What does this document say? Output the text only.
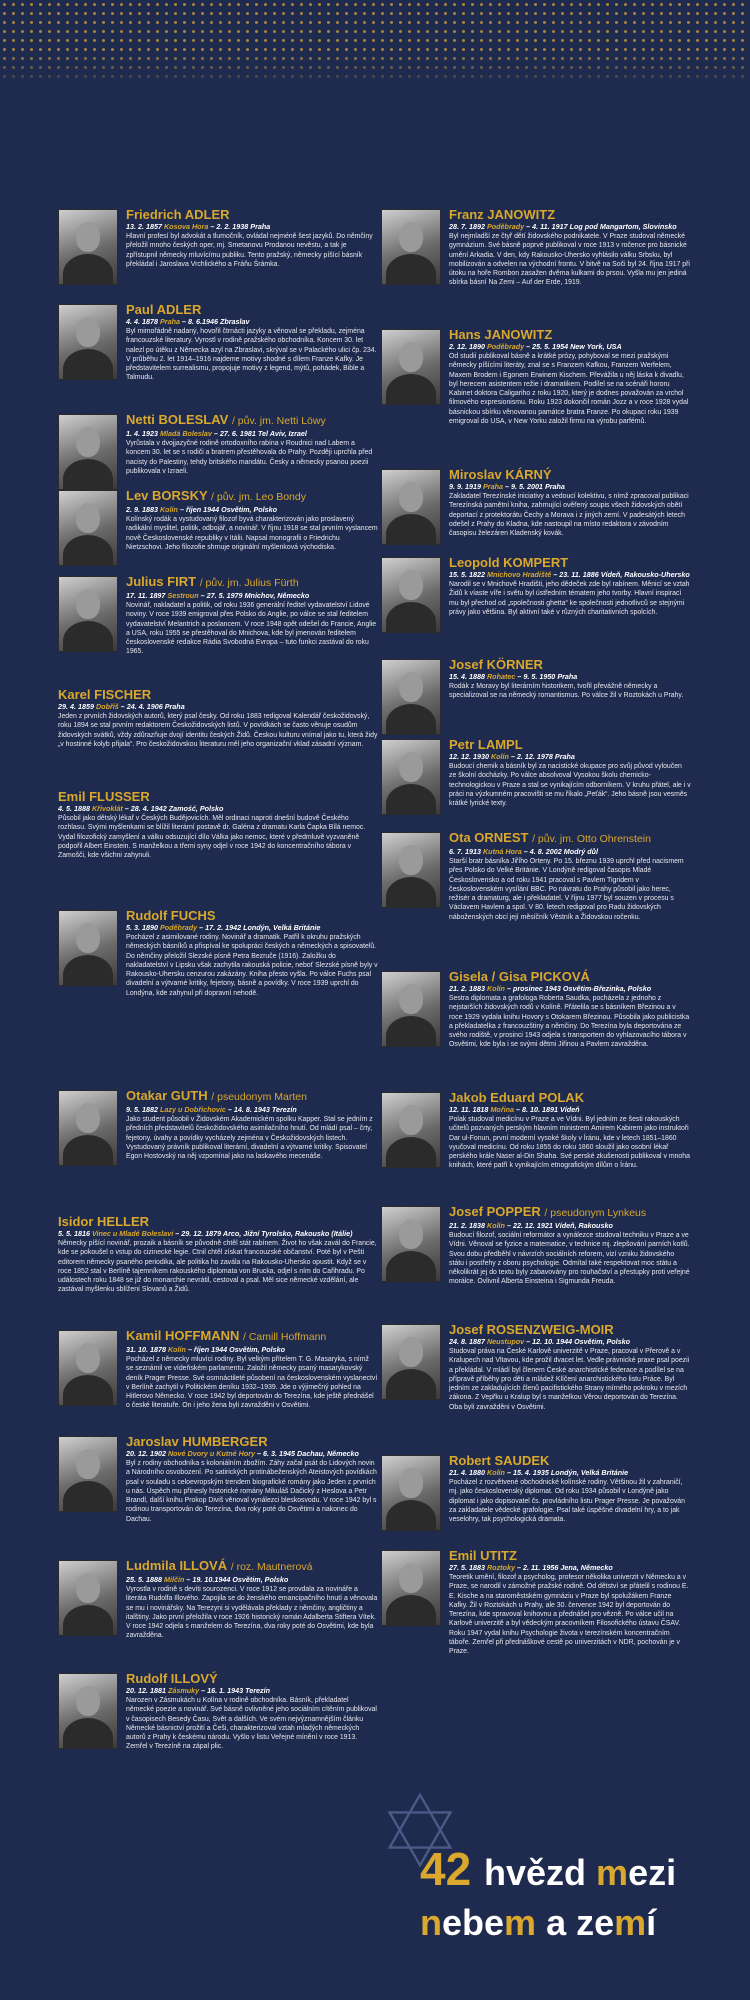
Friedrich ADLER
13. 2. 1857 Kosova Hora – 2. 2. 1938 Praha
Hlavní profesí byl advokát a tlumočník, ovládal nejméně šest jazyků. Do němčiny přeložil mnoho českých oper, mj. Smetanovu Prodanou nevěstu, a tak je zpřístupnil německy mluvícímu publiku. Tento pražský, německy píšící básník překládal i Jaroslava Vrchlického a Fráňu Šrámka.
Paul ADLER
4. 4. 1878 Praha – 8. 6.1946 Zbraslav
Byl mimořádně nadaný, hovořil čtrnácti jazyky a věnoval se překladu, zejména francouzské literatury. Vyrostl v rodině pražského obchodníka. Koncem 30. let nalezl po útěku z Německa azyl na Zbraslavi, skrýval se v Palackého ulici čp. 234. V průběhu 2. let 1914–1916 najdeme motivy shodné s dílem Franze Kafky. Je představitelem surrealismu, propojuje motivy z legend, mýtů, pohádek, Bible a Talmudu.
Netti BOLESLAV / pův. jm. Netti Löwy
1. 4. 1923 Mladá Boleslav – 27. 6. 1981 Tel Aviv, Izrael
Vyrůstala v dvojjazyčné rodině ortodoxního rabína v Roudnici nad Labem a koncem 30. let se s rodiči a bratrem přestěhovala do Prahy. Později uprchla před nacisty do Palestiny, tehdy britského mandátu. Česky a německy psanou poezii publikovala v Izraeli.
Lev BORSKY / pův. jm. Leo Bondy
2. 9. 1883 Kolín – říjen 1944 Osvětim, Polsko
Kolínský rodák a vystudovaný filozof byvá charakterizován jako proslavený radikální myslitel, politik, odbojář, a novinář. V říjnu 1918 se stal prvním vyslancem nově Československé republiky v Itálii. Napsal monografii o Friedrichu Nietzschovi. Jeho filozofie shrnuje originální myšlenková východiska.
Julius FIRT / pův. jm. Julius Fürth
17. 11. 1897 Sestroun – 27. 5. 1979 Mnichov, Německo
Novinář, nakladatel a politik, od roku 1936 generální ředitel vydavatelství Lidové noviny. V roce 1939 emigroval přes Polsko do Anglie, po válce se stal ředitelem vydavatelství Melantrich a poslancem. V roce 1948 opět odešel do Francie, Anglie a USA, roku 1955 se přestěhoval do Mnichova, kde byl jmenován ředitelem československé redakce Rádia Svobodná Evropa – tuto funkci zastával do roku 1965.
Karel FISCHER
29. 4. 1859 Dobříš – 24. 4. 1906 Praha
Jeden z prvních židovských autorů, který psal česky. Od roku 1883 redigoval Kalendář českožidovský, roku 1894 se stal prvním redaktorem Českožidovských listů. V povídkách se často věnuje osudům židovských svátků, vždy zdůrazňuje dvojí identitu českých Židů. Českou kulturu vnímal jako tu, která židy „v hostinné kolyb přijala“. Pro českožidovskou literaturu měl jeho organizační vklad zásadní význam.
Emil FLUSSER
4. 5. 1888 Křivoklát – 28. 4. 1942 Zamość, Polsko
Působil jako dětský lékař v Českých Budějovicích. Měl ordinaci naproti dnešní budově Českého rozhlasu. Svými myšlenkami se blížil literární postavě dr. Galéna z dramatu Karla Čapka Bílá nemoc. Vydal filozofický zamyšlení a válku odsuzující dílo Válka jako nemoc, které v předmluvě vyzvaněně podpořil Albert Einstein. S manželkou a třemi syny odjel v roce 1942 do koncentračního tábora v Zamošči, kde všichni zahynuli.
Rudolf FUCHS
5. 3. 1890 Poděbrady – 17. 2. 1942 Londýn, Velká Británie
Pocházel z asimilované rodiny. Novinář a dramatik. Patřil k okruhu pražských německých básníků a přispíval ke spolupráci českých a německých a spisovatelů. Do němčiny přeložil Slezské písně Petra Bezruče (1916). Založku do nakladatelství v Lipsku však zachytila rakouská policie, neboť Slezské písně byly v Rakousko-Uhersku cenzurou zakázány. Kniha přesto vyšla. Po válce Fuchs psal divadelní a výtvarné kritiky, fejetony, básně a povídky. V roce 1939 uprchl do Londýna, kde zahynul při dopravní nehodě.
Otakar GUTH / pseudonym Marten
9. 5. 1882 Lazy u Dobřichovic – 14. 8. 1943 Terezín
Jako student působil v Židovském Akademickém spolku Kapper. Stal se jedním z předních představitelů českožidovského asimilačního hnutí. Od mládí psal – črty, fejetony, úvahy a povídky vycházely zejména v Českožidovských listech. Vystudovaný právník publikoval literární, divadelní a výtvarné kritiky. Spisovatel Egon Hostovský na něj vzpomínal jako na laskavého mecenáše.
Isidor HELLER
5. 5. 1816 Vinec u Mladé Boleslavi – 29. 12. 1879 Arco, Jižní Tyrolsko, Rakousko (Itálie)
Německy píšící novinář, prozaik a básník se původně chtěl stát rabínem. Život ho však zavál do Francie, kde se pokoušel o vstup do cizinecké legie. Ctnil chtěl získat francouzské občanství. Poté byl v Pešti editorem německy psaného periodika, ale politika ho zavála na Rakousko-Uhersko opustit. Když se v roce 1852 stal v Berlíně tajemníkem rakouského diplomata von Brucka, odjel s ním do Cařihradu. Po událostech roku 1848 se již do monarchie nevrátil, cestoval a psal. Měl sice německé vzdělání, ale zastával myšlenku sblížení Slovanů a Židů.
Kamil HOFFMANN / Camill Hoffmann
31. 10. 1878 Kolín – říjen 1944 Osvětim, Polsko
Pocházel z německy mluvící rodiny. Byl velkým přítelem T. G. Masaryka, s nímž se seznámil ve vídeňském parlamentu. Založil německy psaný masarykovský deník Prager Presse. Své osmnáctileté působení na československém vyslanectví v Berlíně zachytil v Politickém deníku 1932–1939. Jde o výjimečný pohled na Hitlerovo Německo. V roce 1942 byl deportován do Terezína, kde ještě přednášel o české literatuře. On i jeho žena byli zavražděni v Osvětimi.
Jaroslav HUMBERGER
20. 12. 1902 Nové Dvory u Kutné Hory – 6. 3. 1945 Dachau, Německo
Byl z rodiny obchodníka s koloniálním zbožím. Záhy začal psát do Lidových novin a Národního osvobození. Po satirických protinábeženských Ateistových povídkách psal v souladu s celoevropským trendem biografické romány jako Jeden z prvních u nás. Úspěch mu přinesly historické romány Mikuláš Dačický z Heslova a Petr Brandl, další knihu Prokop Diviš věnoval vynálezci bleskosvodu. V roce 1942 byl s rodinou transportován do Terezína, dva roky poté do Osvětimi a nakonec do Dachau.
Ludmila ILLOVÁ / roz. Mautnerová
25. 5. 1888 Milčín – 19. 10.1944 Osvětim, Polsko
Vyrostla v rodině s devíti sourozenci. V roce 1912 se provdala za novináře a literáta Rudolfa Illového. Zapojila se do ženského emancipačního hnutí a věnovala se mu i novinářsky. Na Terezyni si vydělávala překlady z němčiny, angličtiny a italštiny. Jako první přeložila v roce 1926 historický román Adalberta Stiftera Vítek. V roce 1942 odjela s manželem do Terezína, dva roky poté do Osvětimi, kde byla zavražděna.
Rudolf ILLOVÝ
20. 12. 1881 Zásmuky – 16. 1. 1943 Terezín
Narozen v Zásmukách u Kolína v rodině obchodníka. Básník, překladatel německé poezie a novinář. Své básně ovlivněné jeho sociálním cítěním publikoval v časopisech Besedy Času, Svět a dalších. Ve svém nejvýznamnějším článku Německé básnictví prožití a Češi, charakterizoval vztah mladých německých autorů z Prahy k českému národu. Vyšlo v listu Veřejné mínění v roce 1913. Zemřel v Terezíně na zápal plic.
Franz JANOWITZ
28. 7. 1892 Poděbrady – 4. 11. 1917 Log pod Mangartom, Slovinsko
Byl nejmladší ze čtyř dětí židovského podnikatele. V Praze studoval německé gymnázium. Své básně poprvé publikoval v roce 1913 v ročence pro básnické umění Arkadia. V den, kdy Rakousko-Uhersko vyhlásilo válku Srbsku, byl mobilizován a odvelen na východní frontu. V bitvě na Soči byl 24. října 1917 při útoku na hoře Rombon zasažen dvěma kulkami do prsou. Vyšla mu jen jediná sbírka básní Na Zemi – Auf der Erde, 1919.
Hans JANOWITZ
2. 12. 1890 Poděbrady – 25. 5. 1954 New York, USA
Od studií publikoval básně a krátké prózy, pohyboval se mezi pražskými německy píšícími literáty, znal se s Franzem Kafkou, Franzem Werfelem, Maxem Brodem i Egonem Erwinem Kischem. Převážila u něj láska k divadlu, byl herecem asistentem režie i dramatikem. Podílel se na scénáři hororu Kabinet doktora Caligariho z roku 1920, který je dodnes považován za vrchol filmového expresionismu. Roku 1923 dokončil román Jozz a v roce 1928 vydal básnickou sbírku věnovanou památce bratra Franze. Po okupaci roku 1939 emigroval do USA, v New Yorku založil firmu na výrobu parfémů.
Miroslav KÁRNÝ
9. 9. 1919 Praha – 9. 5. 2001 Praha
Zakladatel Terezínské iniciativy a vedoucí kolektivu, s nímž zpracoval publikaci Terezínská pamětní kniha, zahrnující ověřený soupis všech židovských obětí deportací z protektorátu Čechy a Morava i z jiných zemí. V padesátých letech odešel z Prahy do Kladna, kde nastoupil na místo redaktora v závodním časopisu železáren Kladenský kovák.
Leopold KOMPERT
15. 5. 1822 Mnichovo Hradiště – 23. 11. 1886 Vídeň, Rakousko-Uhersko
Narodil se v Mnichově Hradišti, jeho dědeček zde byl rabínem. Měnicí se vztah Židů k víaste víře i světu byl ústředním tématem jeho tvorby. Hlavní inspirací mu byl přechod od „společnosti ghetta“ ke společnosti jednotlivců se stejnými právy jako většina. Byl aktivní také v různých charitativních spolcích.
Josef KÖRNER
15. 4. 1888 Rohatec – 9. 5. 1950 Praha
Rodák z Moravy byl literárním historikem, tvořil převážně německy a specializoval se na německý romantismus. Po válce žil v Roztokách u Prahy.
Petr LAMPL
12. 12. 1930 Kolín – 2. 12. 1978 Praha
Budoucí chemik a básník byl za nacistické okupace pro svůj původ vyloučen ze školní docházky. Po válce absolvoval Vysokou školu chemicko-technologickou v Praze a stal se vynikajícím odborníkem. V kruhu přátel, ale i v práci na výzkumném pracovišti se mu říkalo „Peťák“. Jeho básně jsou vesměs krátké lyrické texty.
Ota ORNEST / pův. jm. Otto Ohrenstein
6. 7. 1913 Kutná Hora – 4. 8. 2002 Modrý důl
Starší bratr básníka Jiřího Orteny. Po 15. březnu 1939 uprchl před nacismem přes Polsko do Velké Británie. V Londýně redigoval časopis Mladé Československo a od roku 1941 pracoval s Pavlem Tigridem v československém vysílání BBC. Po návratu do Prahy působil jako herec, režisér a dramaturg, ale i překladatel. V říjnu 1977 byl souzen v procesu s Václavem Havlem a spol. V 80. letech redigoval pro Radu židovských náboženských obcí její měsíčník Věstník a Židovskou ročenku.
Gisela / Gisa PICKOVÁ
21. 2. 1883 Kolín – prosinec 1943 Osvětim-Březinka, Polsko
Sestra diplomata a grafologa Roberta Saudka, pocházela z jednoho z nejstarších židovských rodů v Kolíně. Přátelila se s básníkem Březinou a v roce 1929 vydala knihu Hovory s Otokarem Březinou. Působila jako publicistka a překladatelka z francouzštiny a němčiny. Do Terezína byla deportována ze svého rodiště, v prosinci 1943 odjela s transportem do vyhlazovacího tábora v Osvětimi, kde byla i se svými dětmi Jiřinou a Pavlem zavražděna.
Jakob Eduard POLAK
12. 11. 1818 Mořina – 8. 10. 1891 Vídeň
Polak studoval medicínu v Praze a ve Vídni. Byl jedním ze šesti rakouských učitelů pozvaných perským hlavním ministrem Amirem Kabirem jako instruktoři Dar ul-Fonun, první moderní vysoké školy v Íránu, kde v letech 1851–1860 vyučoval medicínu. Od roku 1855 do roku 1860 sloužil jako osobní lékař perského krále Naser al-Din Shaha. Své perské zkušenosti publikoval v mnoha knihách, které patří k vynikajícím etnografickým dílům o Íránu.
Josef POPPER / pseudonym Lynkeus
21. 2. 1838 Kolín – 22. 12. 1921 Vídeň, Rakousko
Budoucí filozof, sociální reformátor a vynálezce studoval techniku v Praze a ve Vídni. Věnoval se fyzice a matematice, v technice mj. zlepšování parních kotlů. Svou dobu předběhl v návrzích sociálních reforem, vizí vzniku židovského státu i postřehy z oboru psychologie. Odmítal také respektovat moc státu a několikrát jej do textu byly zabavovány pro rouhačství a přestupky proti veřejné morálce. Ovlivnil Alberta Einsteina i Sigmunda Freuda.
Josef ROSENZWEIG-MOIR
24. 8. 1887 Neustupov – 12. 10. 1944 Osvětim, Polsko
Studoval práva na České Karlově univerzitě v Praze, pracoval v Přerově a v Kralupech nad Vltavou, kde prožil dvacet let. Vedle právnické praxe psal poezii a překládal. V mládí byl členem České anarchistické federace a podílel se na přípravě příběhy pro děti a mládež Klíčení anarchistického listu Práce. Byl jedním ze zakladujících členů pacifistického Strany mírného pokroku v mezích zákona. Z Vepřku u Kralup byl s manželkou Věrou deportován do Terezína. Oba byli zavražděni v Osvětimi.
Robert SAUDEK
21. 4. 1880 Kolín – 15. 4. 1935 Londýn, Velká Británie
Pocházel z rozvětvené obchodnické kolínské rodiny. Většinou žil v zahraničí, mj. jako československý diplomat. Od roku 1934 působil v Londýně jako diplomat i jako dopisovatel čs. provládního listu Prager Presse. Je považován za zakladatele vědecké grafologie. Psal také úspěšné divadelní hry, a to jak veselohry, tak psychologická dramata.
Emil UTITZ
27. 5. 1883 Roztoky – 2. 11. 1956 Jena, Německo
Teoretik umění, filozof a psycholog, profesor několika univerzit v Německu a v Praze, se narodil v zámožné pražské rodině. Od dětství se přátelil s rodinou E. E. Kische a na staroměstském gymnáziu v Praze byl spolužákem Franze Kafky. Žil v Roztokách u Prahy, ale 30. července 1942 byl deportován do Terezína, kde spravoval knihovnu a přednášel pro vězně. Po válce učil na Karlově univerzitě a byl vědeckým pracovníkem Filosofického ústavu ČSAV. Roku 1947 vydal knihu Psychologie života v terezínském koncentračním táboře. Zemřel při přednáškové cestě po univerzitách v NDR, pochován je v Praze.
42 hvězd mezi
nebem a zemí
